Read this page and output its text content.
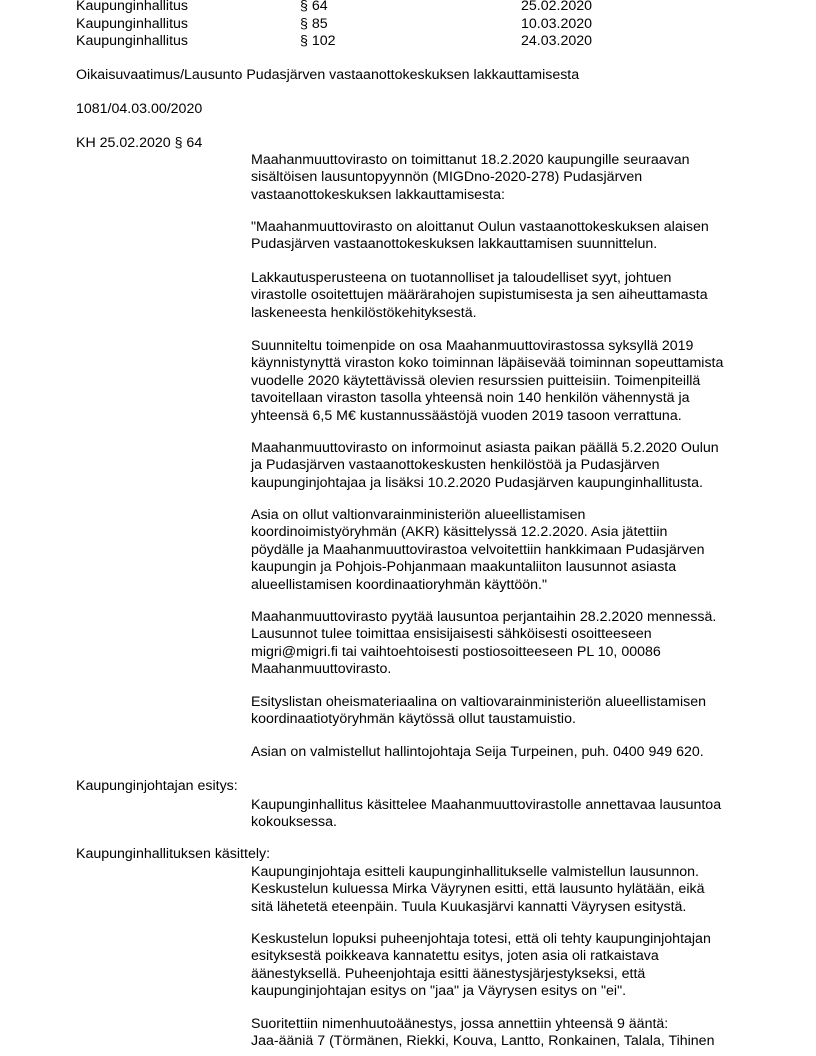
Kaupunginhallitus	§ 64	25.02.2020
Kaupunginhallitus	§ 85	10.03.2020
Kaupunginhallitus	§ 102	24.03.2020
Oikaisuvaatimus/Lausunto Pudasjärven vastaanottokeskuksen lakkauttamisesta
1081/04.03.00/2020
KH 25.02.2020 § 64
Maahanmuuttovirasto on toimittanut 18.2.2020 kaupungille seuraavan
sisältöisen lausuntopyynnön (MIGDno-2020-278) Pudasjärven
vastaanottokeskuksen lakkauttamisesta:
"Maahanmuuttovirasto on aloittanut Oulun vastaanottokeskuksen alaisen
Pudasjärven vastaanottokeskuksen lakkauttamisen suunnittelun.
Lakkautusperusteena on tuotannolliset ja taloudelliset syyt, johtuen
virastolle osoitettujen määrärahojen supistumisesta ja sen aiheuttamasta
laskeneesta henkilöstökehityksestä.
Suunniteltu toimenpide on osa Maahanmuuttovirastossa syksyllä 2019
käynnistynyttä viraston koko toiminnan läpäisevää toiminnan sopeuttamista
vuodelle 2020 käytettävissä olevien resurssien puitteisiin. Toimenpiteillä
tavoitellaan viraston tasolla yhteensä noin 140 henkilön vähennystä ja
yhteensä 6,5 M€ kustannussäästöjä vuoden 2019 tasoon verrattuna.
Maahanmuuttovirasto on informoinut asiasta paikan päällä 5.2.2020 Oulun
ja Pudasjärven vastaanottokeskusten henkilöstöä ja Pudasjärven
kaupunginjohtajaa ja lisäksi 10.2.2020 Pudasjärven kaupunginhallitusta.
Asia on ollut valtionvarainministeriön alueellistamisen
koordinoimistyöryhmän (AKR) käsittelyssä 12.2.2020. Asia jätettiin
pöydälle ja Maahanmuuttovirastoa velvoitettiin hankkimaan Pudasjärven
kaupungin ja Pohjois-Pohjanmaan maakuntaliiton lausunnot asiasta
alueellistamisen koordinaatioryhmän käyttöön."
Maahanmuuttovirasto pyytää lausuntoa perjantaihin 28.2.2020 mennessä.
Lausunnot tulee toimittaa ensisijaisesti sähköisesti osoitteeseen
migri@migri.fi tai vaihtoehtoisesti postiosoitteeseen PL 10, 00086
Maahanmuuttovirasto.
Esityslistan oheismateriaalina on valtiovarainministeriön alueellistamisen
koordinaatiotyöryhmän käytössä ollut taustamuistio.
Asian on valmistellut hallintojohtaja Seija Turpeinen, puh. 0400 949 620.
Kaupunginjohtajan esitys:
Kaupunginhallitus käsittelee Maahanmuuttovirastolle annettavaa lausuntoa
kokouksessa.
Kaupunginhallituksen käsittely:
Kaupunginjohtaja esitteli kaupunginhallitukselle valmistellun lausunnon.
Keskustelun kuluessa Mirka Väyrynen esitti, että lausunto hylätään, eikä
sitä lähetetä eteenpäin. Tuula Kuukasjärvi kannatti Väyrysen esitystä.
Keskustelun lopuksi puheenjohtaja totesi, että oli tehty kaupunginjohtajan
esityksestä poikkeava kannatettu esitys, joten asia oli ratkaistava
äänestyksellä. Puheenjohtaja esitti äänestysjärjestykseksi, että
kaupunginjohtajan esitys on "jaa" ja Väyrysen esitys on "ei".
Suoritettiin nimenhuutoäänestys, jossa annettiin yhteensä 9 ääntä:
Jaa-ääniä 7 (Törmänen, Riekki, Kouva, Lantto, Ronkainen, Talala, Tihinen
